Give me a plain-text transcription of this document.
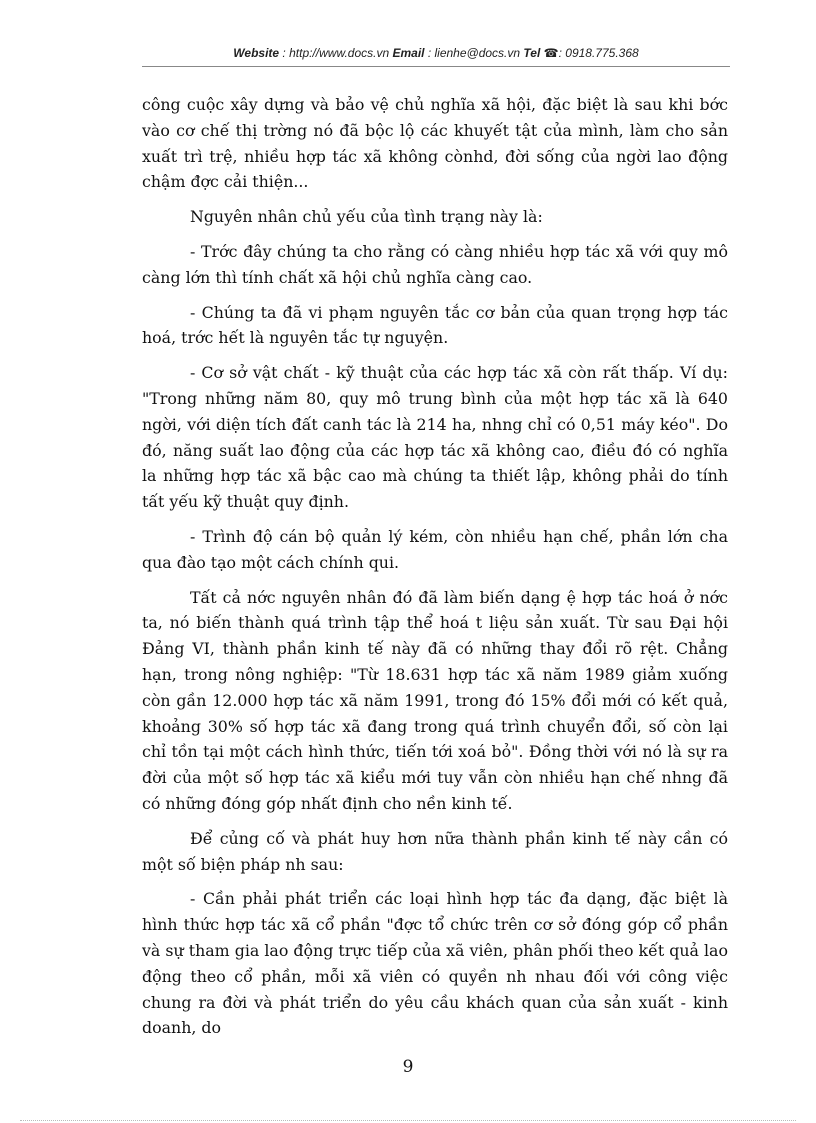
Website : http://www.docs.vn Email : lienhe@docs.vn Tel ☎: 0918.775.368

công cuộc xây dựng và bảo vệ chủ nghĩa xã hội, đặc biệt là sau khi bớc vào cơ chế thị trờng nó đã bộc lộ các khuyết tật của mình, làm cho sản xuất trì trệ, nhiều hợp tác xã không cònhd, đời sống của ngời lao động chậm đợc cải thiện...

Nguyên nhân chủ yếu của tình trạng này là:

- Trớc đây chúng ta cho rằng có càng nhiều hợp tác xã với quy mô càng lớn thì tính chất xã hội chủ nghĩa càng cao.

- Chúng ta đã vi phạm nguyên tắc cơ bản của quan trọng hợp tác hoá, trớc hết là nguyên tắc tự nguyện.

- Cơ sở vật chất - kỹ thuật của các hợp tác xã còn rất thấp. Ví dụ: "Trong những năm 80, quy mô trung bình của một hợp tác xã là 640 ngời, với diện tích đất canh tác là 214 ha, nhng chỉ có 0,51 máy kéo". Do đó, năng suất lao động của các hợp tác xã không cao, điều đó có nghĩa la những hợp tác xã bậc cao mà chúng ta thiết lập, không phải do tính tất yếu kỹ thuật quy định.

- Trình độ cán bộ quản lý kém, còn nhiều hạn chế, phần lớn cha qua đào tạo một cách chính qui.

Tất cả nớc nguyên nhân đó đã làm biến dạng ệ hợp tác hoá ở nớc ta, nó biến thành quá trình tập thể hoá t liệu sản xuất. Từ sau Đại hội Đảng VI, thành phần kinh tế này đã có những thay đổi rõ rệt. Chẳng hạn, trong nông nghiệp: "Từ 18.631 hợp tác xã năm 1989 giảm xuống còn gần 12.000 hợp tác xã năm 1991, trong đó 15% đổi mới có kết quả, khoảng 30% số hợp tác xã đang trong quá trình chuyển đổi, số còn lại chỉ tồn tại một cách hình thức, tiến tới xoá bỏ". Đồng thời với nó là sự ra đời của một số hợp tác xã kiểu mới tuy vẫn còn nhiều hạn chế nhng đã có những đóng góp nhất định cho nền kinh tế.

Để củng cố và phát huy hơn nữa thành phần kinh tế này cần có một số biện pháp nh sau:

- Cần phải phát triển các loại hình hợp tác đa dạng, đặc biệt là hình thức hợp tác xã cổ phần "đợc tổ chức trên cơ sở đóng góp cổ phần và sự tham gia lao động trực tiếp của xã viên, phân phối theo kết quả lao động theo cổ phần, mỗi xã viên có quyền nh nhau đối với công việc chung ra đời và phát triển do yêu cầu khách quan của sản xuất - kinh doanh, do

9
